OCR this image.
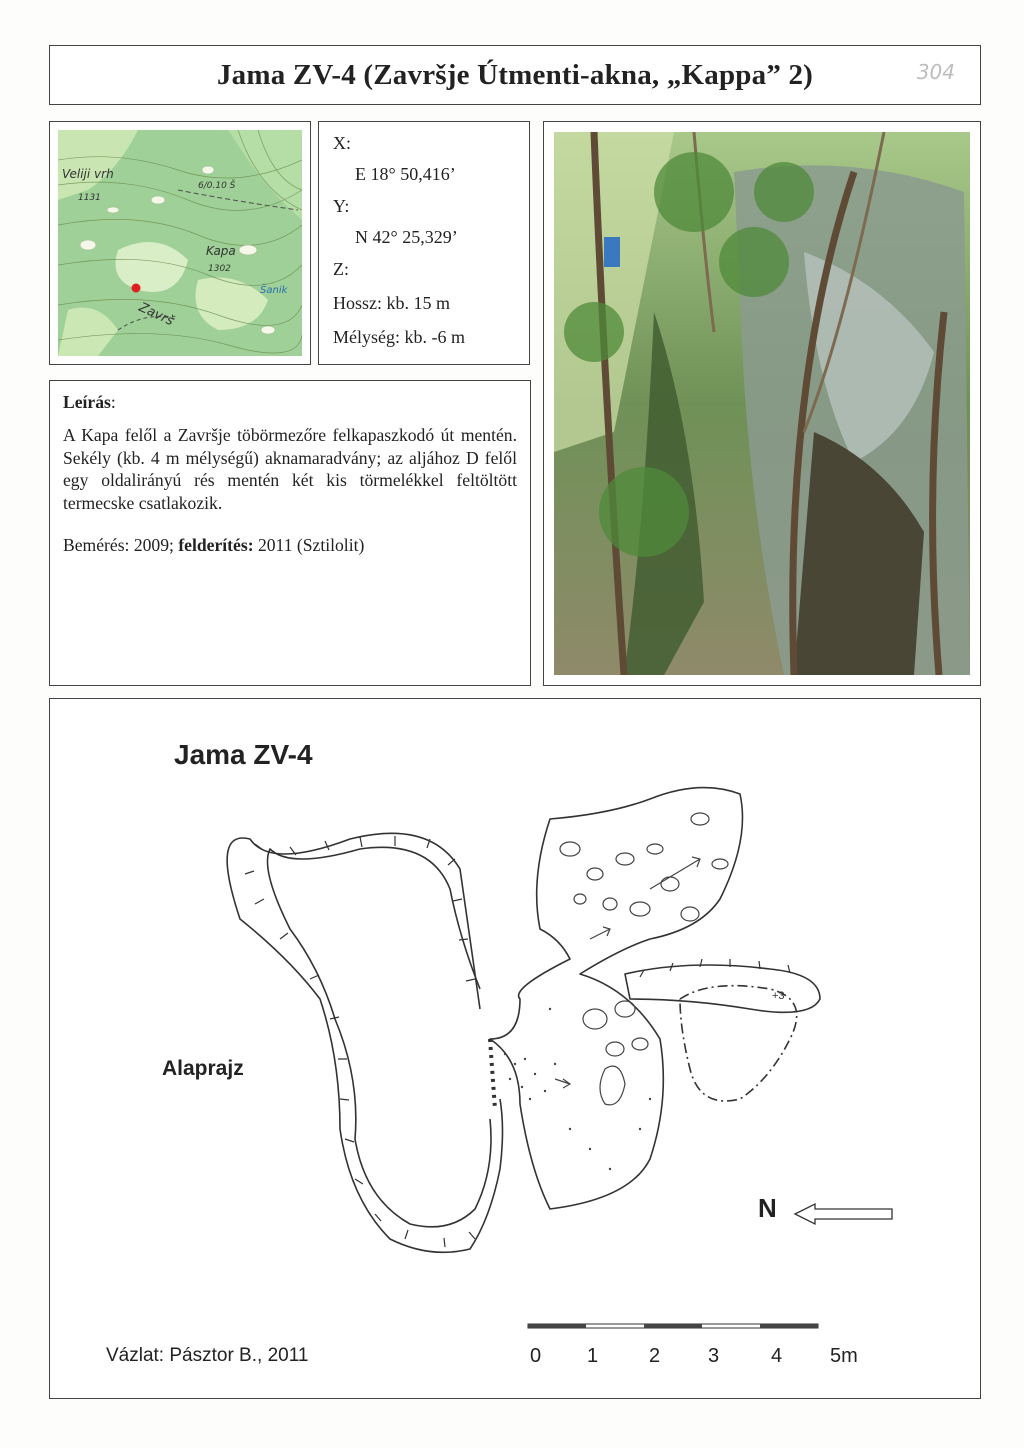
Jama ZV-4 (Završje Útmenti-akna, „Kappa” 2)	304
Veliji vrh
1131
6/0.10 Š
Kapa
1302
Šanik
Završ
X:
E 18° 50,416’
Y:
N 42° 25,329’
Z:
Hossz: kb. 15 m
Mélység: kb. -6 m
Leírás:
A Kapa felől a Završje töbörmezőre felkapaszkodó út mentén. Sekély (kb. 4 m mélységű) aknamaradvány; az aljához D felől egy oldalirányú rés mentén két kis törmelékkel feltöltött termecske csatlakozik.
Bemérés: 2009; felderítés: 2011 (Sztilolit)
Jama ZV-4
Alaprajz
+3
N
Vázlat: Pásztor B., 2011	0 1	2 3	4 5m
